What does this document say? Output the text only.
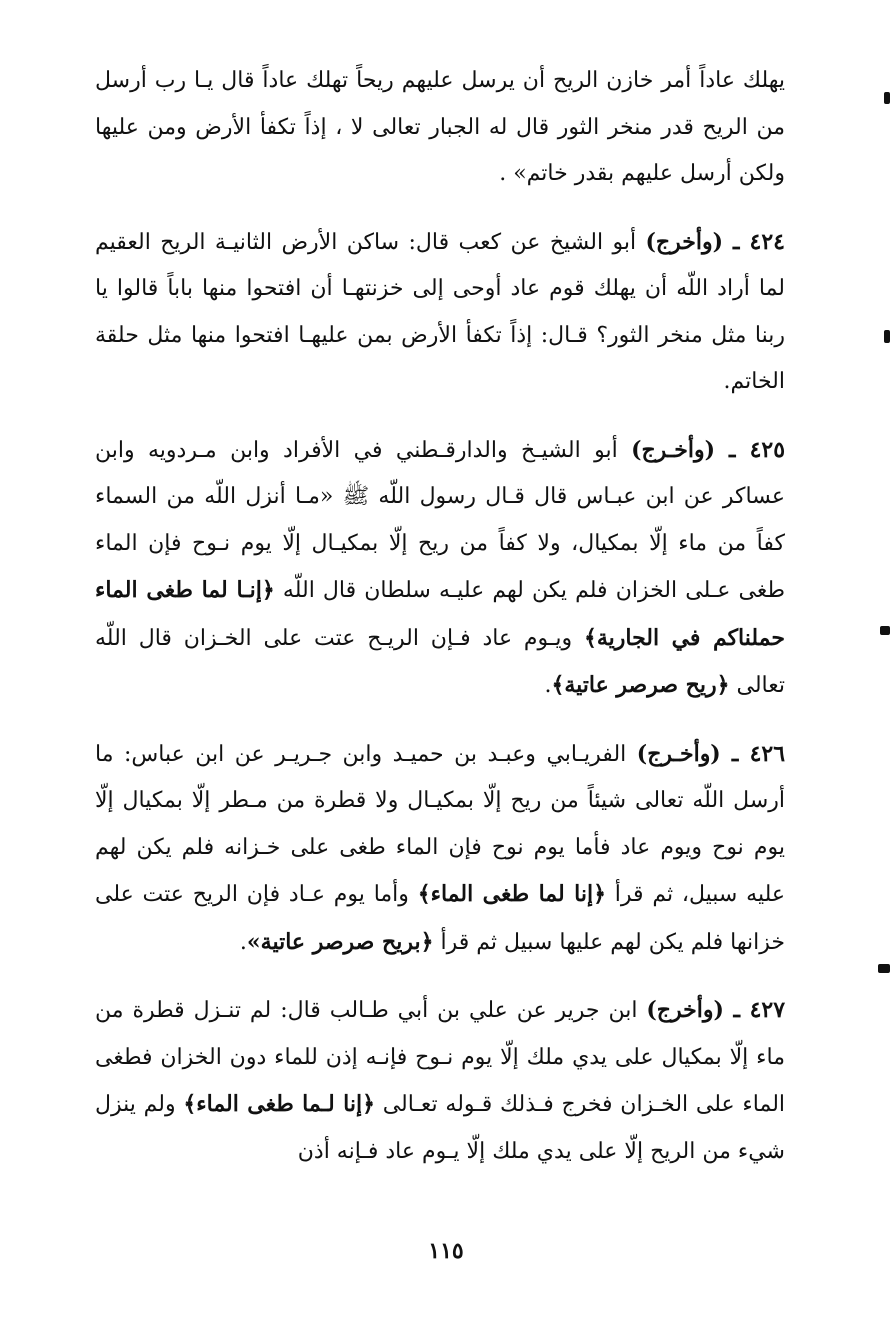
يهلك عاداً أمر خازن الريح أن يرسل عليهم ريحاً تهلك عاداً قال يـا رب أرسل من الريح قدر منخر الثور قال له الجبار تعالى لا ، إذاً تكفأ الأرض ومن عليها ولكن أرسل عليهم بقدر خاتم» .

٤٢٤ ـ (وأخرج) أبو الشيخ عن كعب قال: ساكن الأرض الثانيـة الريح العقيم لما أراد اللّه أن يهلك قوم عاد أوحى إلى خزنتهـا أن افتحوا منها باباً قالوا يا ربنا مثل منخر الثور؟ قـال: إذاً تكفأ الأرض بمن عليهـا افتحوا منها مثل حلقة الخاتم.

٤٢٥ ـ (وأخـرج) أبو الشيـخ والدارقـطني في الأفراد وابن مـردويه وابن عساكر عن ابن عبـاس قال قـال رسول اللّه ﷺ «مـا أنزل اللّه من السماء كفاً من ماء إلّا بمكيال، ولا كفاً من ريح إلّا بمكيـال إلّا يوم نـوح فإن الماء طغى عـلى الخزان فلم يكن لهم عليـه سلطان قال اللّه ﴿إنـا لما طغى الماء حملناكم في الجارية﴾ ويـوم عاد فـإن الريـح عتت على الخـزان قال اللّه تعالى ﴿ريح صرصر عاتية﴾.

٤٢٦ ـ (وأخـرج) الفريـابي وعبـد بن حميـد وابن جـريـر عن ابن عباس: ما أرسل اللّه تعالى شيئاً من ريح إلّا بمكيـال ولا قطرة من مـطر إلّا بمكيال إلّا يوم نوح ويوم عاد فأما يوم نوح فإن الماء طغى على خـزانه فلم يكن لهم عليه سبيل، ثم قرأ ﴿إنا لما طغى الماء﴾ وأما يوم عـاد فإن الريح عتت على خزانها فلم يكن لهم عليها سبيل ثم قرأ ﴿بريح صرصر عاتية».

٤٢٧ ـ (وأخرج) ابن جرير عن علي بن أبي طـالب قال: لم تنـزل قطرة من ماء إلّا بمكيال على يدي ملك إلّا يوم نـوح فإنـه إذن للماء دون الخزان فطغى الماء على الخـزان فخرج فـذلك قـوله تعـالى ﴿إنا لـما طغى الماء﴾ ولم ينزل شيء من الريح إلّا على يدي ملك إلّا يـوم عاد فـإنه أذن

١١٥
